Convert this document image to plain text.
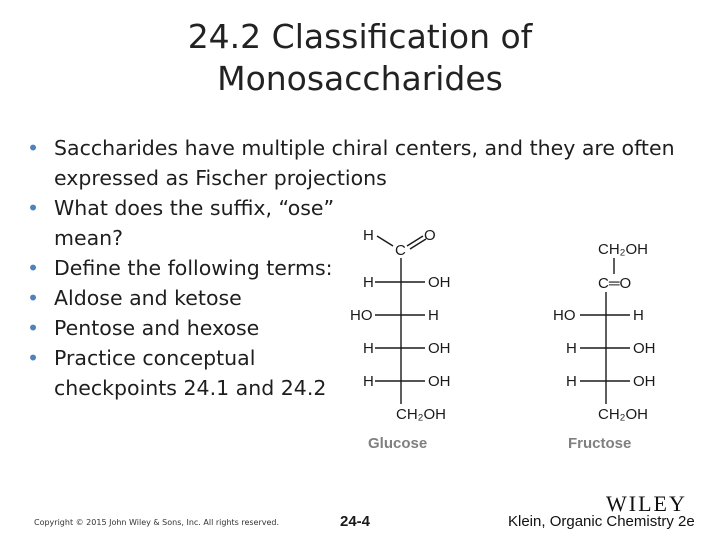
24.2 Classification of
Monosaccharides
• Saccharides have multiple chiral centers, and they are often expressed as Fischer projections
• What does the suffix, “ose” mean?
• Define the following terms:
• Aldose and ketose
• Pentose and hexose
• Practice conceptual checkpoints 24.1 and 24.2
H	O
C
H	OH
HO	H
H	OH
H	OH
CH₂OH
Glucose
CH₂OH
C═O
HO	H
H	OH
H	OH
CH₂OH
Fructose
Copyright © 2015 John Wiley & Sons, Inc. All rights reserved.	24-4
WILEY
Klein, Organic Chemistry 2e
